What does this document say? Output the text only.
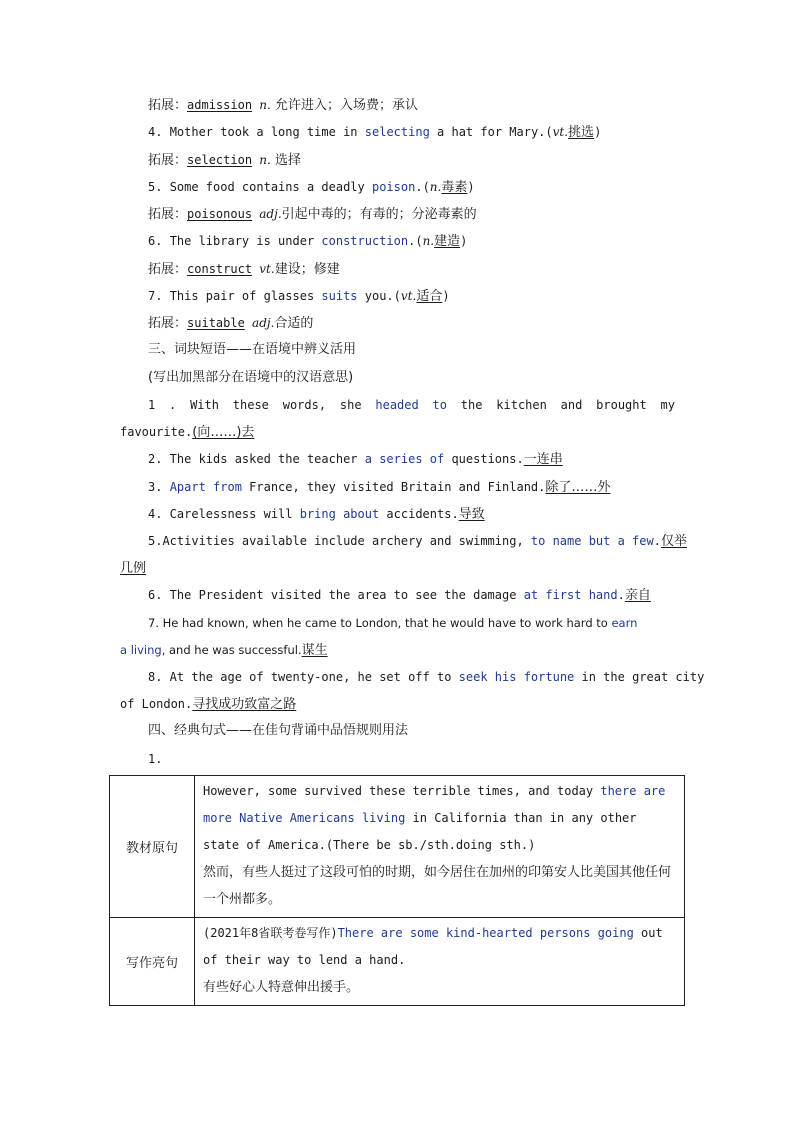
拓展：admission n. 允许进入；入场费；承认
4. Mother took a long time in selecting a hat for Mary.(vt.挑选)
拓展：selection n. 选择
5. Some food contains a deadly poison.(n.毒素)
拓展：poisonous adj.引起中毒的；有毒的；分泌毒素的
6. The library is under construction.(n.建造)
拓展：construct vt.建设；修建
7. This pair of glasses suits you.(vt.适合)
拓展：suitable adj.合适的
三、词块短语——在语境中辨义活用
(写出加黑部分在语境中的汉语意思)
1 . With these words, she headed to the kitchen and brought my
favourite.(向……)去
2. The kids asked the teacher a series of questions.一连串
3. Apart from France, they visited Britain and Finland.除了……外
4. Carelessness will bring about accidents.导致
5.Activities available include archery and swimming, to name but a few.仅举
几例
6. The President visited the area to see the damage at first hand.亲自
7. He had known, when he came to London, that he would have to work hard to earn
a living, and he was successful.谋生
8. At the age of twenty-one, he set off to seek his fortune in the great city
of London.寻找成功致富之路
四、经典句式——在佳句背诵中品悟规则用法
1.
教材原句	However, some survived these terrible times, and today there are more Native Americans living in California than in any other state of America.(There be sb./sth.doing sth.)
然而，有些人挺过了这段可怕的时期，如今居住在加州的印第安人比美国其他任何一个州都多。

写作亮句	(2021年8省联考卷写作)There are some kind-hearted persons going out of their way to lend a hand.
有些好心人特意伸出援手。
